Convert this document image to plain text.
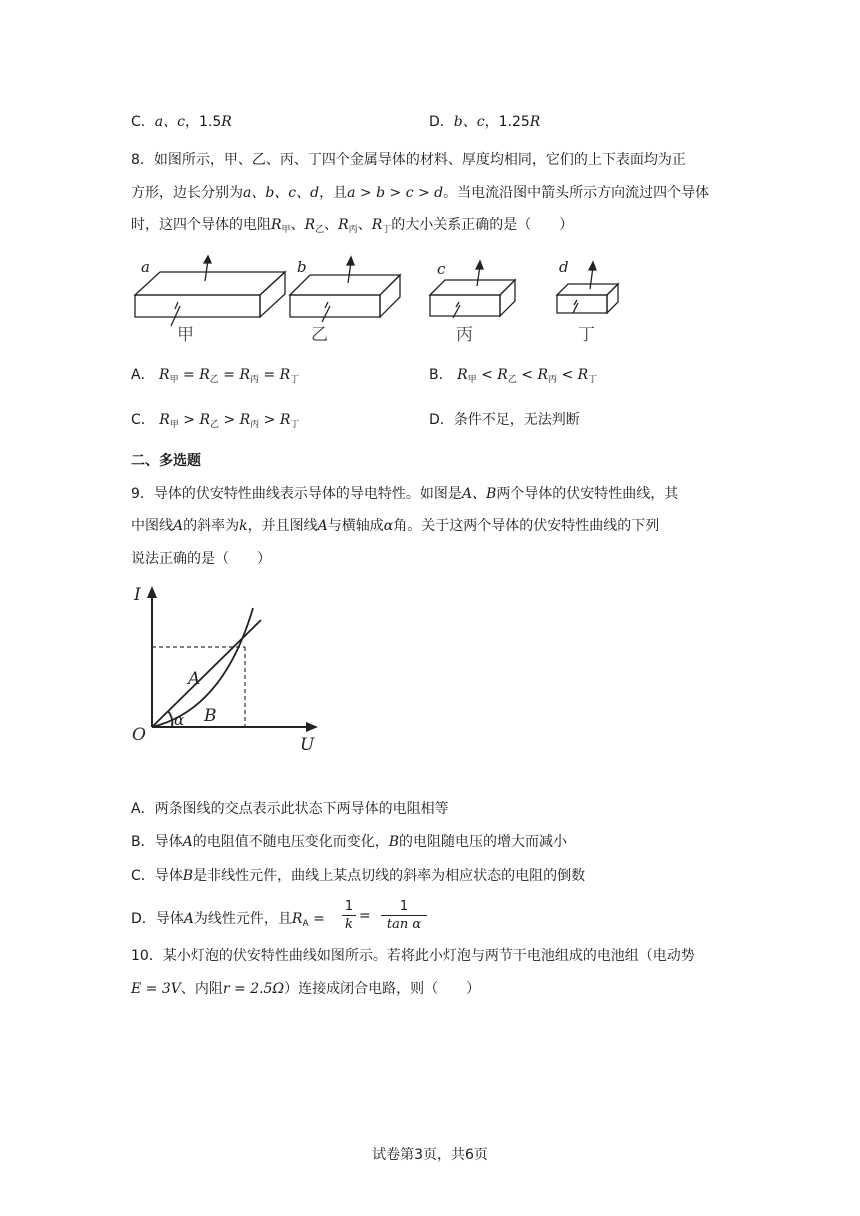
C．a、c，1.5R	D．b、c，1.25R
8．如图所示，甲、乙、丙、丁四个金属导体的材料、厚度均相同，它们的上下表面均为正
方形，边长分别为a、b、c、d，且a > b > c > d。当电流沿图中箭头所示方向流过四个导体
时，这四个导体的电阻$R_甲$、$R_乙$、$R_丙$、$R_丁$的大小关系正确的是（　　）
a	b	c	d
甲	乙	丙	丁
A． $R_甲 = R_乙 = R_丙 = R_丁$	B． $R_甲 < R_乙 < R_丙 < R_丁$
C． $R_甲 > R_乙 > R_丙 > R_丁$	D．条件不足，无法判断
二、多选题
9．导体的伏安特性曲线表示导体的导电特性。如图是A、B两个导体的伏安特性曲线，其
中图线A的斜率为k，并且图线A与横轴成α角。关于这两个导体的伏安特性曲线的下列
说法正确的是（　　）
I
U
O
A
B
α
A．两条图线的交点表示此状态下两导体的电阻相等
B．导体A的电阻值不随电压变化而变化，B的电阻随电压的增大而减小
C．导体B是非线性元件，曲线上某点切线的斜率为相应状态的电阻的倒数
D．导体A为线性元件，且$R_A = \frac{1}{k} = \frac{1}{\text{tan α}}$
10．某小灯泡的伏安特性曲线如图所示。若将此小灯泡与两节干电池组成的电池组（电动势
E = 3V、内阻r = 2.5Ω）连接成闭合电路，则（　　）
试卷第3页，共6页
